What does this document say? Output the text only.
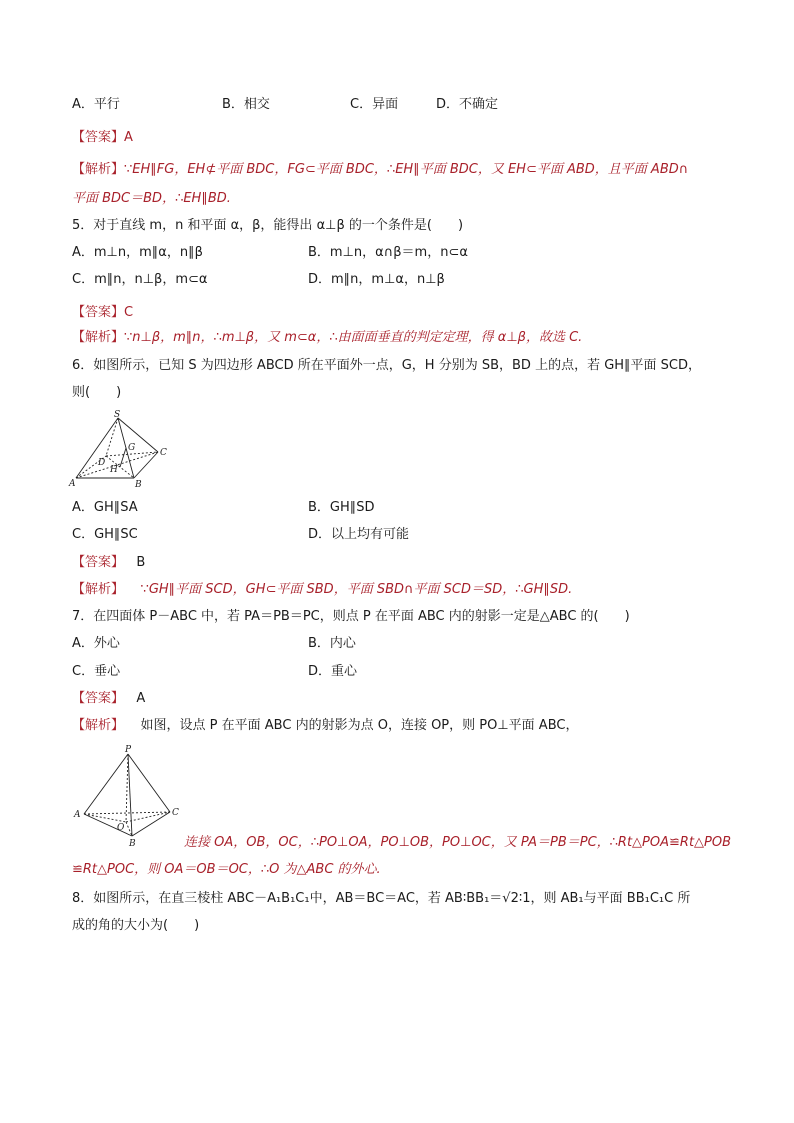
A．平行	B．相交	C．异面	D．不确定
【答案】A
【解析】∵EH∥FG，EH⊄平面 BDC，FG⊂平面 BDC，∴EH∥平面 BDC，又 EH⊂平面 ABD，且平面 ABD∩
平面 BDC＝BD，∴EH∥BD.
5．对于直线 m，n 和平面 α，β，能得出 α⊥β 的一个条件是(　　)
A．m⊥n，m∥α，n∥β	B．m⊥n，α∩β＝m，n⊂α
C．m∥n，n⊥β，m⊂α	D．m∥n，m⊥α，n⊥β
【答案】C
【解析】∵n⊥β，m∥n，∴m⊥β，又 m⊂α，∴由面面垂直的判定定理，得 α⊥β，故选 C.
6．如图所示，已知 S 为四边形 ABCD 所在平面外一点，G，H 分别为 SB，BD 上的点，若 GH∥平面 SCD，
则(　　)
S
G	C
D
H
A	B
A．GH∥SA	B．GH∥SD
C．GH∥SC	D．以上均有可能
【答案】 B
【解析】 ∵GH∥平面 SCD，GH⊂平面 SBD，平面 SBD∩平面 SCD＝SD，∴GH∥SD.
7．在四面体 P－ABC 中，若 PA＝PB＝PC，则点 P 在平面 ABC 内的射影一定是△ABC 的(　　)
A．外心	B．内心
C．垂心	D．重心
【答案】 A
【解析】 如图，设点 P 在平面 ABC 内的射影为点 O，连接 OP，则 PO⊥平面 ABC，
P
A	C
O
B	连接 OA，OB，OC，∴PO⊥OA，PO⊥OB，PO⊥OC，又 PA＝PB＝PC，∴Rt△POA≌Rt△POB
≌Rt△POC，则 OA＝OB＝OC，∴O 为△ABC 的外心.
8．如图所示，在直三棱柱 ABC－A₁B₁C₁中，AB＝BC＝AC，若 AB∶BB₁＝√2∶1，则 AB₁与平面 BB₁C₁C 所
成的角的大小为(　　)
